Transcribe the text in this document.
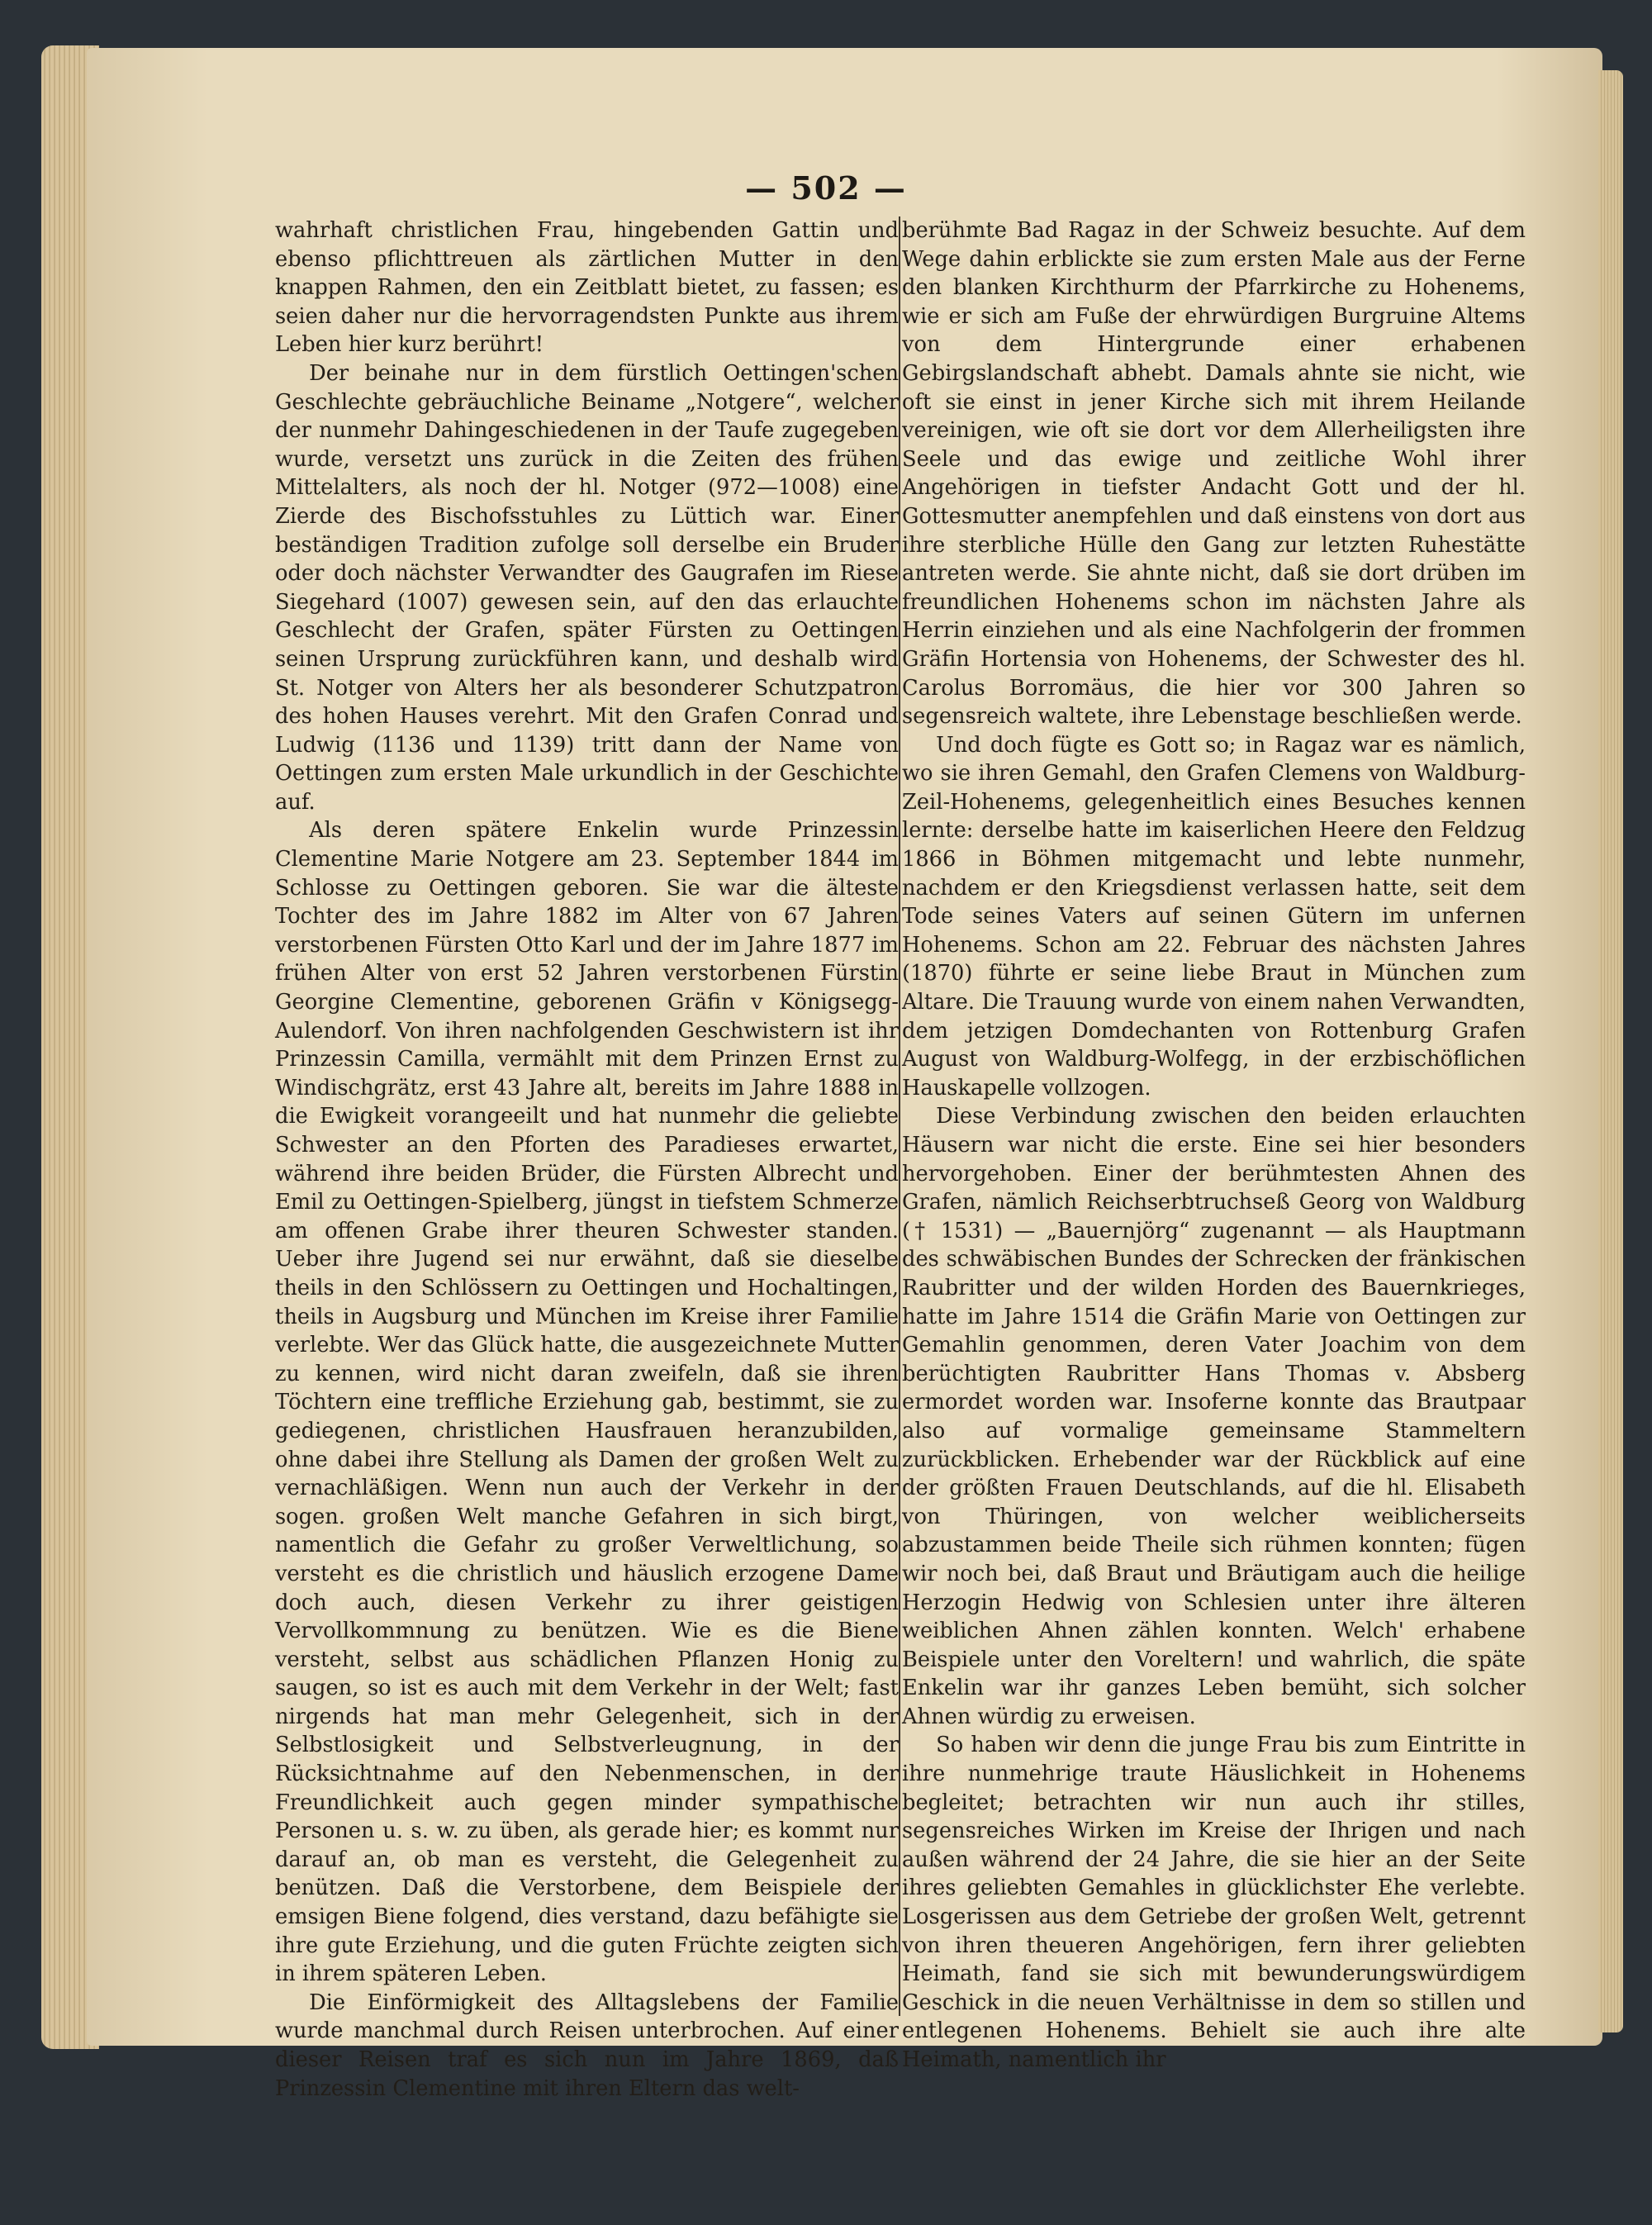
— 502 —

wahrhaft christlichen Frau, hingebenden Gattin und ebenso pflichttreuen als zärtlichen Mutter in den knappen Rahmen, den ein Zeitblatt bietet, zu fassen; es seien daher nur die hervorragendsten Punkte aus ihrem Leben hier kurz berührt!

Der beinahe nur in dem fürstlich Oettingen'schen Geschlechte gebräuchliche Beiname „Notgere“, welcher der nunmehr Dahingeschiedenen in der Taufe zugegeben wurde, versetzt uns zurück in die Zeiten des frühen Mittelalters, als noch der hl. Notger (972—1008) eine Zierde des Bischofsstuhles zu Lüttich war. Einer beständigen Tradition zufolge soll derselbe ein Bruder oder doch nächster Verwandter des Gaugrafen im Riese Siegehard (1007) gewesen sein, auf den das erlauchte Geschlecht der Grafen, später Fürsten zu Oettingen seinen Ursprung zurückführen kann, und deshalb wird St. Notger von Alters her als besonderer Schutzpatron des hohen Hauses verehrt. Mit den Grafen Conrad und Ludwig (1136 und 1139) tritt dann der Name von Oettingen zum ersten Male urkundlich in der Geschichte auf.

Als deren spätere Enkelin wurde Prinzessin Clementine Marie Notgere am 23. September 1844 im Schlosse zu Oettingen geboren. Sie war die älteste Tochter des im Jahre 1882 im Alter von 67 Jahren verstorbenen Fürsten Otto Karl und der im Jahre 1877 im frühen Alter von erst 52 Jahren verstorbenen Fürstin Georgine Clementine, geborenen Gräfin v Königsegg-Aulendorf. Von ihren nachfolgenden Geschwistern ist ihr Prinzessin Camilla, vermählt mit dem Prinzen Ernst zu Windischgrätz, erst 43 Jahre alt, bereits im Jahre 1888 in die Ewigkeit vorangeeilt und hat nunmehr die geliebte Schwester an den Pforten des Paradieses erwartet, während ihre beiden Brüder, die Fürsten Albrecht und Emil zu Oettingen-Spielberg, jüngst in tiefstem Schmerze am offenen Grabe ihrer theuren Schwester standen. Ueber ihre Jugend sei nur erwähnt, daß sie dieselbe theils in den Schlössern zu Oettingen und Hochaltingen, theils in Augsburg und München im Kreise ihrer Familie verlebte. Wer das Glück hatte, die ausgezeichnete Mutter zu kennen, wird nicht daran zweifeln, daß sie ihren Töchtern eine treffliche Erziehung gab, bestimmt, sie zu gediegenen, christlichen Hausfrauen heranzubilden, ohne dabei ihre Stellung als Damen der großen Welt zu vernachläßigen. Wenn nun auch der Verkehr in der sogen. großen Welt manche Gefahren in sich birgt, namentlich die Gefahr zu großer Verweltlichung, so versteht es die christlich und häuslich erzogene Dame doch auch, diesen Verkehr zu ihrer geistigen Vervollkommnung zu benützen. Wie es die Biene versteht, selbst aus schädlichen Pflanzen Honig zu saugen, so ist es auch mit dem Verkehr in der Welt; fast nirgends hat man mehr Gelegenheit, sich in der Selbstlosigkeit und Selbstverleugnung, in der Rücksichtnahme auf den Nebenmenschen, in der Freundlichkeit auch gegen minder sympathische Personen u. s. w. zu üben, als gerade hier; es kommt nur darauf an, ob man es versteht, die Gelegenheit zu benützen. Daß die Verstorbene, dem Beispiele der emsigen Biene folgend, dies verstand, dazu befähigte sie ihre gute Erziehung, und die guten Früchte zeigten sich in ihrem späteren Leben.

Die Einförmigkeit des Alltagslebens der Familie wurde manchmal durch Reisen unterbrochen. Auf einer dieser Reisen traf es sich nun im Jahre 1869, daß Prinzessin Clementine mit ihren Eltern das welt-

berühmte Bad Ragaz in der Schweiz besuchte. Auf dem Wege dahin erblickte sie zum ersten Male aus der Ferne den blanken Kirchthurm der Pfarrkirche zu Hohenems, wie er sich am Fuße der ehrwürdigen Burgruine Altems von dem Hintergrunde einer erhabenen Gebirgslandschaft abhebt. Damals ahnte sie nicht, wie oft sie einst in jener Kirche sich mit ihrem Heilande vereinigen, wie oft sie dort vor dem Allerheiligsten ihre Seele und das ewige und zeitliche Wohl ihrer Angehörigen in tiefster Andacht Gott und der hl. Gottesmutter anempfehlen und daß einstens von dort aus ihre sterbliche Hülle den Gang zur letzten Ruhestätte antreten werde. Sie ahnte nicht, daß sie dort drüben im freundlichen Hohenems schon im nächsten Jahre als Herrin einziehen und als eine Nachfolgerin der frommen Gräfin Hortensia von Hohenems, der Schwester des hl. Carolus Borromäus, die hier vor 300 Jahren so segensreich waltete, ihre Lebenstage beschließen werde.

Und doch fügte es Gott so; in Ragaz war es nämlich, wo sie ihren Gemahl, den Grafen Clemens von Waldburg-Zeil-Hohenems, gelegenheitlich eines Besuches kennen lernte: derselbe hatte im kaiserlichen Heere den Feldzug 1866 in Böhmen mitgemacht und lebte nunmehr, nachdem er den Kriegsdienst verlassen hatte, seit dem Tode seines Vaters auf seinen Gütern im unfernen Hohenems. Schon am 22. Februar des nächsten Jahres (1870) führte er seine liebe Braut in München zum Altare. Die Trauung wurde von einem nahen Verwandten, dem jetzigen Domdechanten von Rottenburg Grafen August von Waldburg-Wolfegg, in der erzbischöflichen Hauskapelle vollzogen.

Diese Verbindung zwischen den beiden erlauchten Häusern war nicht die erste. Eine sei hier besonders hervorgehoben. Einer der berühmtesten Ahnen des Grafen, nämlich Reichserbtruchseß Georg von Waldburg († 1531) — „Bauernjörg“ zugenannt — als Hauptmann des schwäbischen Bundes der Schrecken der fränkischen Raubritter und der wilden Horden des Bauernkrieges, hatte im Jahre 1514 die Gräfin Marie von Oettingen zur Gemahlin genommen, deren Vater Joachim von dem berüchtigten Raubritter Hans Thomas v. Absberg ermordet worden war. Insoferne konnte das Brautpaar also auf vormalige gemeinsame Stammeltern zurückblicken. Erhebender war der Rückblick auf eine der größten Frauen Deutschlands, auf die hl. Elisabeth von Thüringen, von welcher weiblicherseits abzustammen beide Theile sich rühmen konnten; fügen wir noch bei, daß Braut und Bräutigam auch die heilige Herzogin Hedwig von Schlesien unter ihre älteren weiblichen Ahnen zählen konnten. Welch' erhabene Beispiele unter den Voreltern! und wahrlich, die späte Enkelin war ihr ganzes Leben bemüht, sich solcher Ahnen würdig zu erweisen.

So haben wir denn die junge Frau bis zum Eintritte in ihre nunmehrige traute Häuslichkeit in Hohenems begleitet; betrachten wir nun auch ihr stilles, segensreiches Wirken im Kreise der Ihrigen und nach außen während der 24 Jahre, die sie hier an der Seite ihres geliebten Gemahles in glücklichster Ehe verlebte. Losgerissen aus dem Getriebe der großen Welt, getrennt von ihren theueren Angehörigen, fern ihrer geliebten Heimath, fand sie sich mit bewunderungswürdigem Geschick in die neuen Verhältnisse in dem so stillen und entlegenen Hohenems. Behielt sie auch ihre alte Heimath, namentlich ihr
